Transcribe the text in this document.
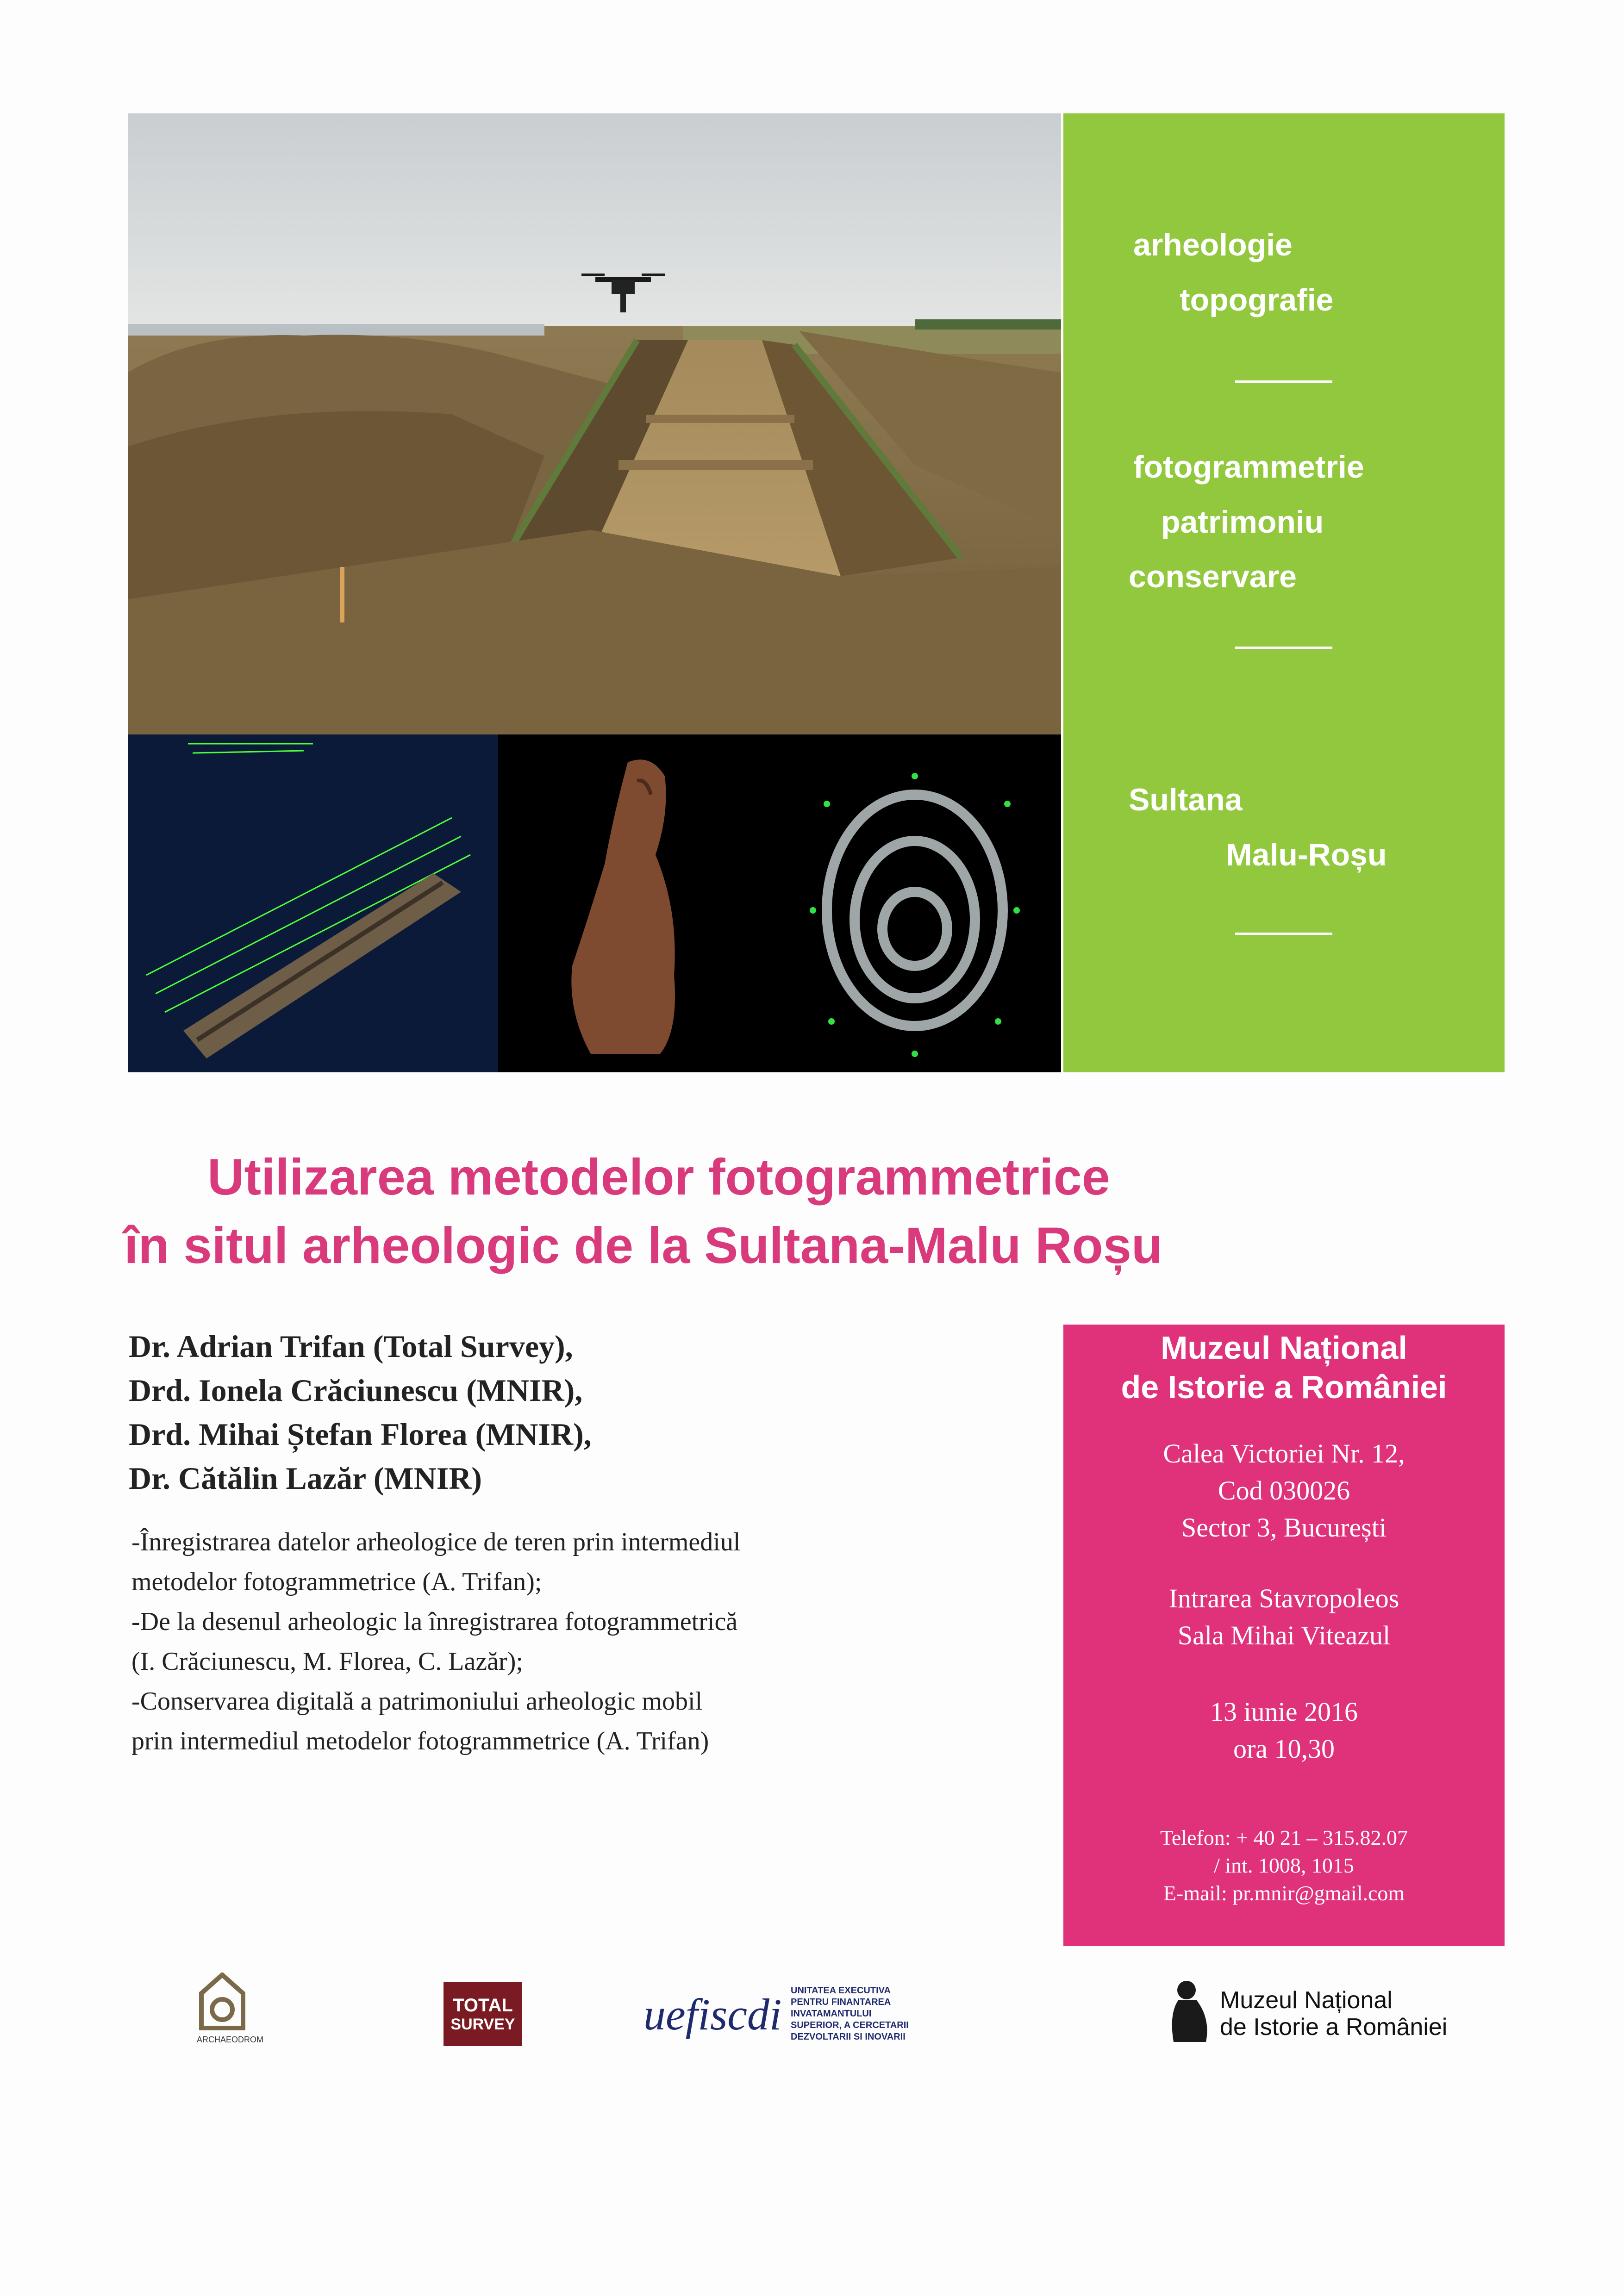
arheologie
topografie
fotogrammetrie
patrimoniu
conservare
Sultana
Malu-Roșu
Utilizarea metodelor fotogrammetrice
în situl arheologic de la Sultana-Malu Roșu
Dr. Adrian Trifan (Total Survey),
Drd. Ionela Crăciunescu (MNIR),
Drd. Mihai Ștefan Florea (MNIR),
Dr. Cătălin Lazăr (MNIR)
-Înregistrarea datelor arheologice de teren prin intermediul
metodelor fotogrammetrice (A. Trifan);
-De la desenul arheologic la înregistrarea fotogrammetrică
(I. Crăciunescu, M. Florea, C. Lazăr);
-Conservarea digitală a patrimoniului arheologic mobil
prin intermediul metodelor fotogrammetrice (A. Trifan)
Muzeul Național
de Istorie a României
Calea Victoriei Nr. 12,
Cod 030026
Sector 3, București
Intrarea Stavropoleos
Sala Mihai Viteazul
13 iunie 2016
ora 10,30
Telefon: + 40 21 – 315.82.07
/ int. 1008, 1015
E-mail: pr.mnir@gmail.com
ARCHAEODROM
TOTAL
SURVEY	uefiscdi UNITATEA EXECUTIVA
PENTRU FINANTAREA
INVATAMANTULUI
SUPERIOR, A CERCETARII
DEZVOLTARII SI INOVARII
Muzeul Național
de Istorie a României
